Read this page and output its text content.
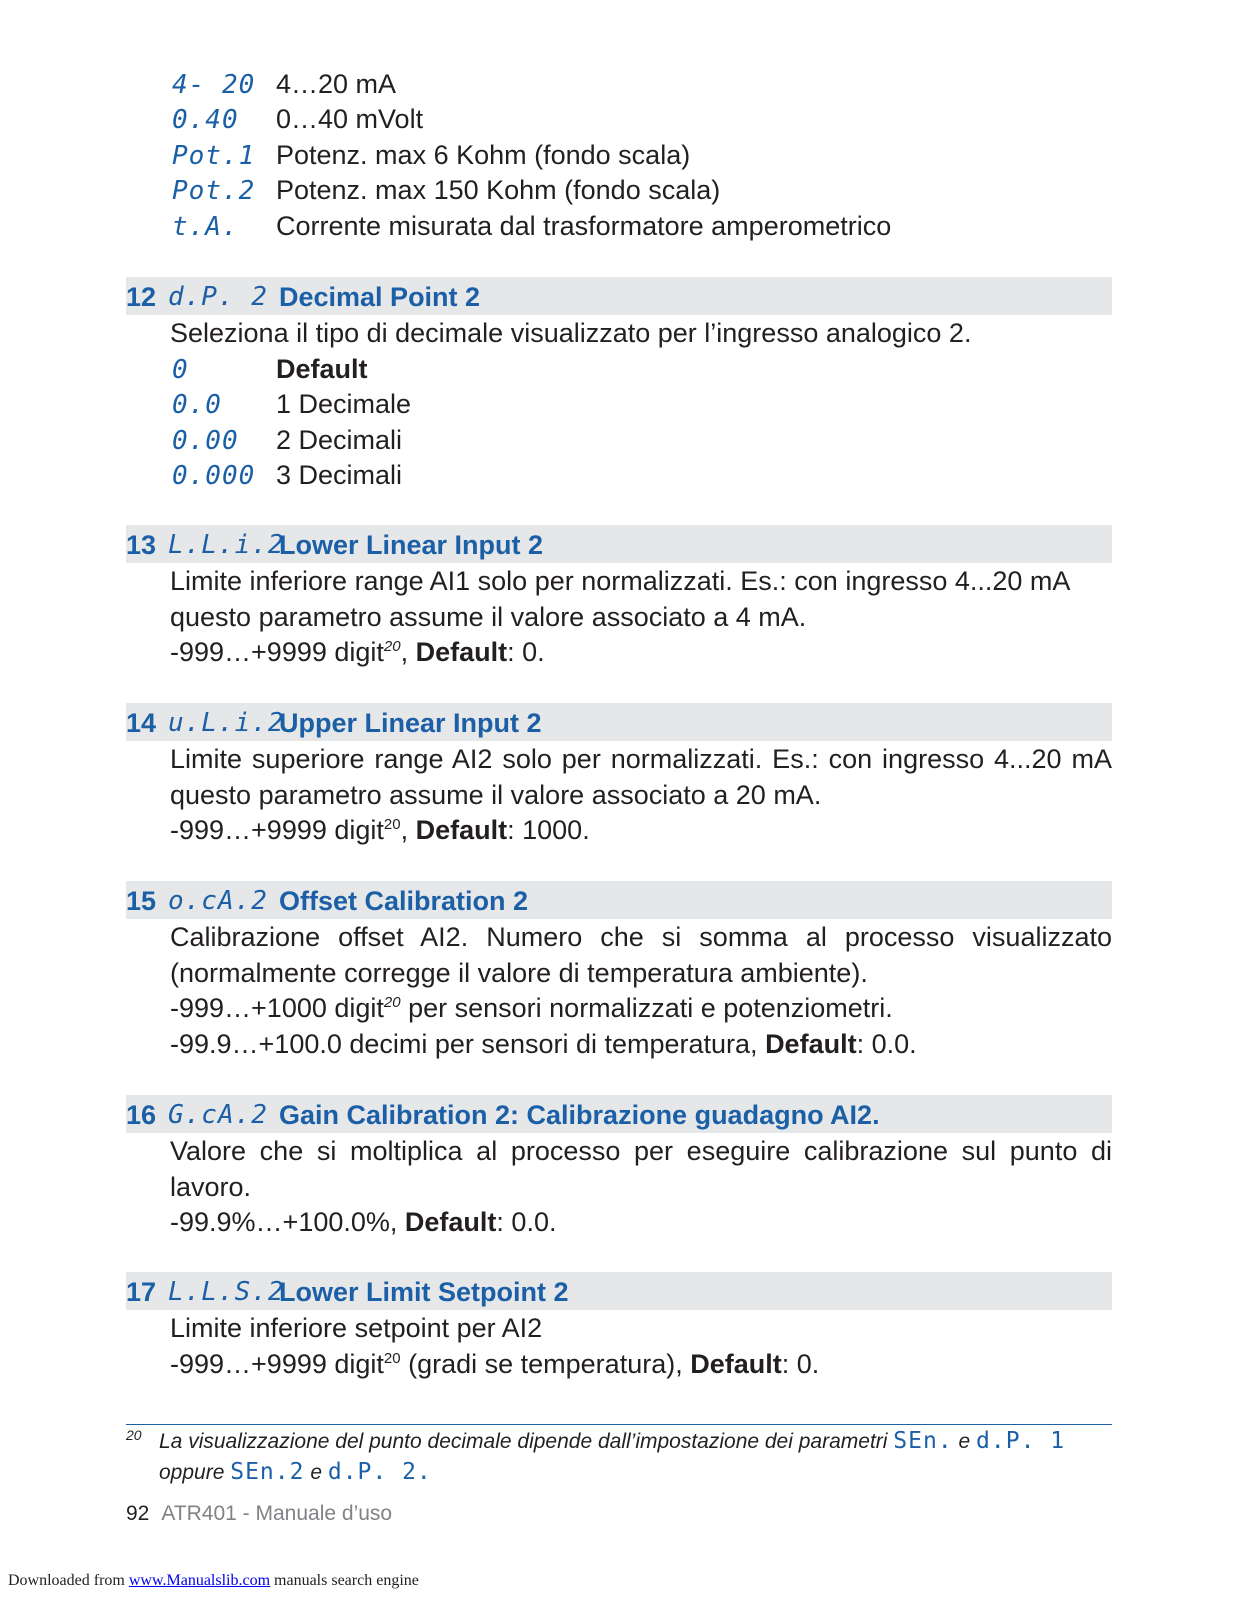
4- 20 4…20 mA
0.40 0…40 mVolt
Pot.1 Potenz. max 6 Kohm (fondo scala)
Pot.2 Potenz. max 150 Kohm (fondo scala)
t.A. Corrente misurata dal trasformatore amperometrico
12 d.P. 2 Decimal Point 2
Seleziona il tipo di decimale visualizzato per l’ingresso analogico 2.
0	Default
0.0 1 Decimale
0.00 2 Decimali
0.000 3 Decimali
13 L.L.i.2
Lower Linear Input 2
Limite inferiore range AI1 solo per normalizzati. Es.: con ingresso 4...20 mA questo parametro assume il valore associato a 4 mA.
-999…+9999 digit$^{20}$, Default: 0.
14 u.L.i.2
Upper Linear Input 2
Limite superiore range AI2 solo per normalizzati. Es.: con ingresso 4...20 mA questo parametro assume il valore associato a 20 mA.
-999…+9999 digit$^{20}$, Default: 1000.
15 o.cA.2 Offset Calibration 2
Calibrazione offset AI2. Numero che si somma al processo visualizzato (normalmente corregge il valore di temperatura ambiente).
-999…+1000 digit$^{20}$ per sensori normalizzati e potenziometri.
-99.9…+100.0 decimi per sensori di temperatura, Default: 0.0.
16 G.cA.2 Gain Calibration 2: Calibrazione guadagno AI2.
Valore che si moltiplica al processo per eseguire calibrazione sul punto di lavoro.
-99.9%…+100.0%, Default: 0.0.
17 L.L.S.2
Lower Limit Setpoint 2
Limite inferiore setpoint per AI2
-999…+9999 digit$^{20}$ (gradi se temperatura), Default: 0.
20 La visualizzazione del punto decimale dipende dall’impostazione dei parametri SEn. e d.P. 1
oppure SEn.2 e d.P. 2.
92 ATR401 - Manuale d’uso
Downloaded from www.Manualslib.com manuals search engine
